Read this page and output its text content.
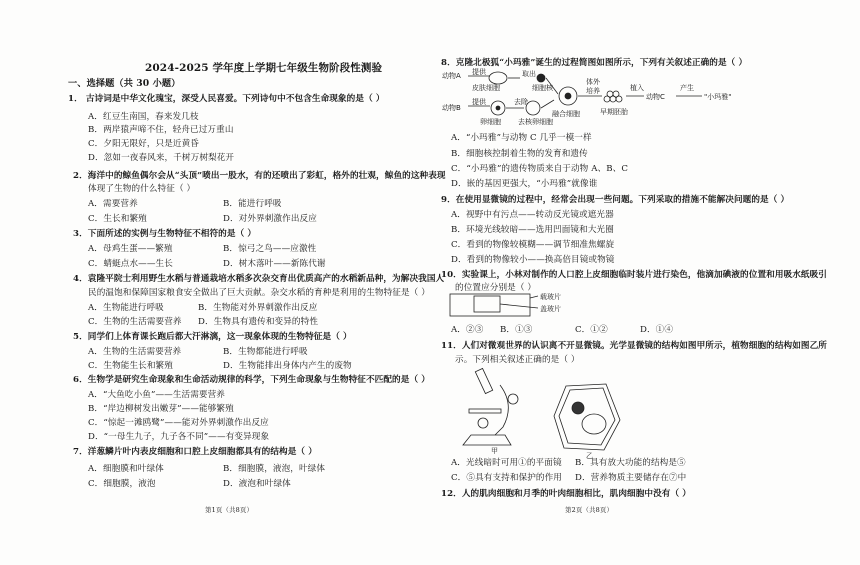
2024-2025 学年度上学期七年级生物阶段性测验
一、选择题（共 30 小题）
1． 古诗词是中华文化瑰宝，深受人民喜爱。下列诗句中不包含生命现象的是（ ）
A．红豆生南国，春来发几枝
B．两岸猿声啼不住，轻舟已过万重山
C．夕阳无限好，只是近黄昏
D．忽如一夜春风来，千树万树梨花开
2．海洋中的鲸鱼偶尔会从“头顶”喷出一股水，有的还喷出了彩虹，格外的壮观，鲸鱼的这种表现
体现了生物的什么特征（ ）
A．需要营养	B．能进行呼吸
C．生长和繁殖	D．对外界刺激作出反应
3．下面所述的实例与生物特征不相符的是（ ）
A．母鸡生蛋——繁殖	B．惊弓之鸟——应激性
C．蜻蜓点水——生长	D．树木落叶——新陈代谢
4．袁隆平院士利用野生水稻与普通栽培水稻多次杂交育出优质高产的水稻新品种，为解决我国人
民的温饱和保障国家粮食安全做出了巨大贡献。杂交水稻的育种是利用的生物特征是（ ）
A．生物能进行呼吸	B．生物能对外界刺激作出反应
C．生物的生活需要营养 D．生物具有遗传和变异的特性
5．同学们上体育课长跑后都大汗淋漓，这一现象体现的生物特征是（ ）
A．生物的生活需要营养	B．生物都能进行呼吸
C．生物能生长和繁殖	D．生物能排出身体内产生的废物
6．生物学是研究生命现象和生命活动规律的科学，下列生命现象与生物特征不匹配的是（ ）
A．“大鱼吃小鱼”——生活需要营养
B．“岸边柳树发出嫩芽”——能够繁殖
C．“惊起一滩鸥鹭”——能对外界刺激作出反应
D．“一母生九子，九子各不同”——有变异现象
7．洋葱鳞片叶内表皮细胞和口腔上皮细胞都具有的结构是（ ）
A．细胞膜和叶绿体	B．细胞膜，液泡，叶绿体
C．细胞膜，液泡	D．液泡和叶绿体
第1页（共8页）
8．克隆北极狐“小玛雅”诞生的过程简图如图所示，下列有关叙述正确的是（ ）
A．“小玛雅”与动物 C 几乎一模一样
B．细胞核控制着生物的发育和遗传
C．“小玛雅”的遗传物质来自于动物 A、B、C
D．嵌的基因更强大，“小玛雅”就像谁
9．在使用显微镜的过程中，经常会出现一些问题。下列采取的措施不能解决问题的是（ ）
A．视野中有污点——转动反光镜或遮光器
B．环境光线较暗——选用凹面镜和大光圈
C．看到的物像较模糊——调节细准焦螺旋
D．看到的物像较小——换高倍目镜或物镜
10．实验课上，小林对制作的人口腔上皮细胞临时装片进行染色，他滴加碘液的位置和用吸水纸吸引
的位置应分别是（ ）
A．②③ B．①③	C．①②	D．①④
11．人们对微观世界的认识离不开显微镜。光学显微镜的结构如图甲所示，植物细胞的结构如图乙所
示。下列相关叙述正确的是（ ）
A．光线暗时可用①的平面镜 B．具有放大功能的结构是⑤
C．⑤具有支持和保护的作用 D．营养物质主要储存在⑦中
12．人的肌肉细胞和月季的叶肉细胞相比，肌肉细胞中没有（ ）
动物A 提供
皮肤细胞
取出
细胞核
动物B
提供
卵细胞
去除
去核卵细胞
融合细胞
体外
培养
早期胚胎
植入
动物C
产生
"小玛雅"
载玻片
盖玻片
甲
乙
第2页（共8页）
